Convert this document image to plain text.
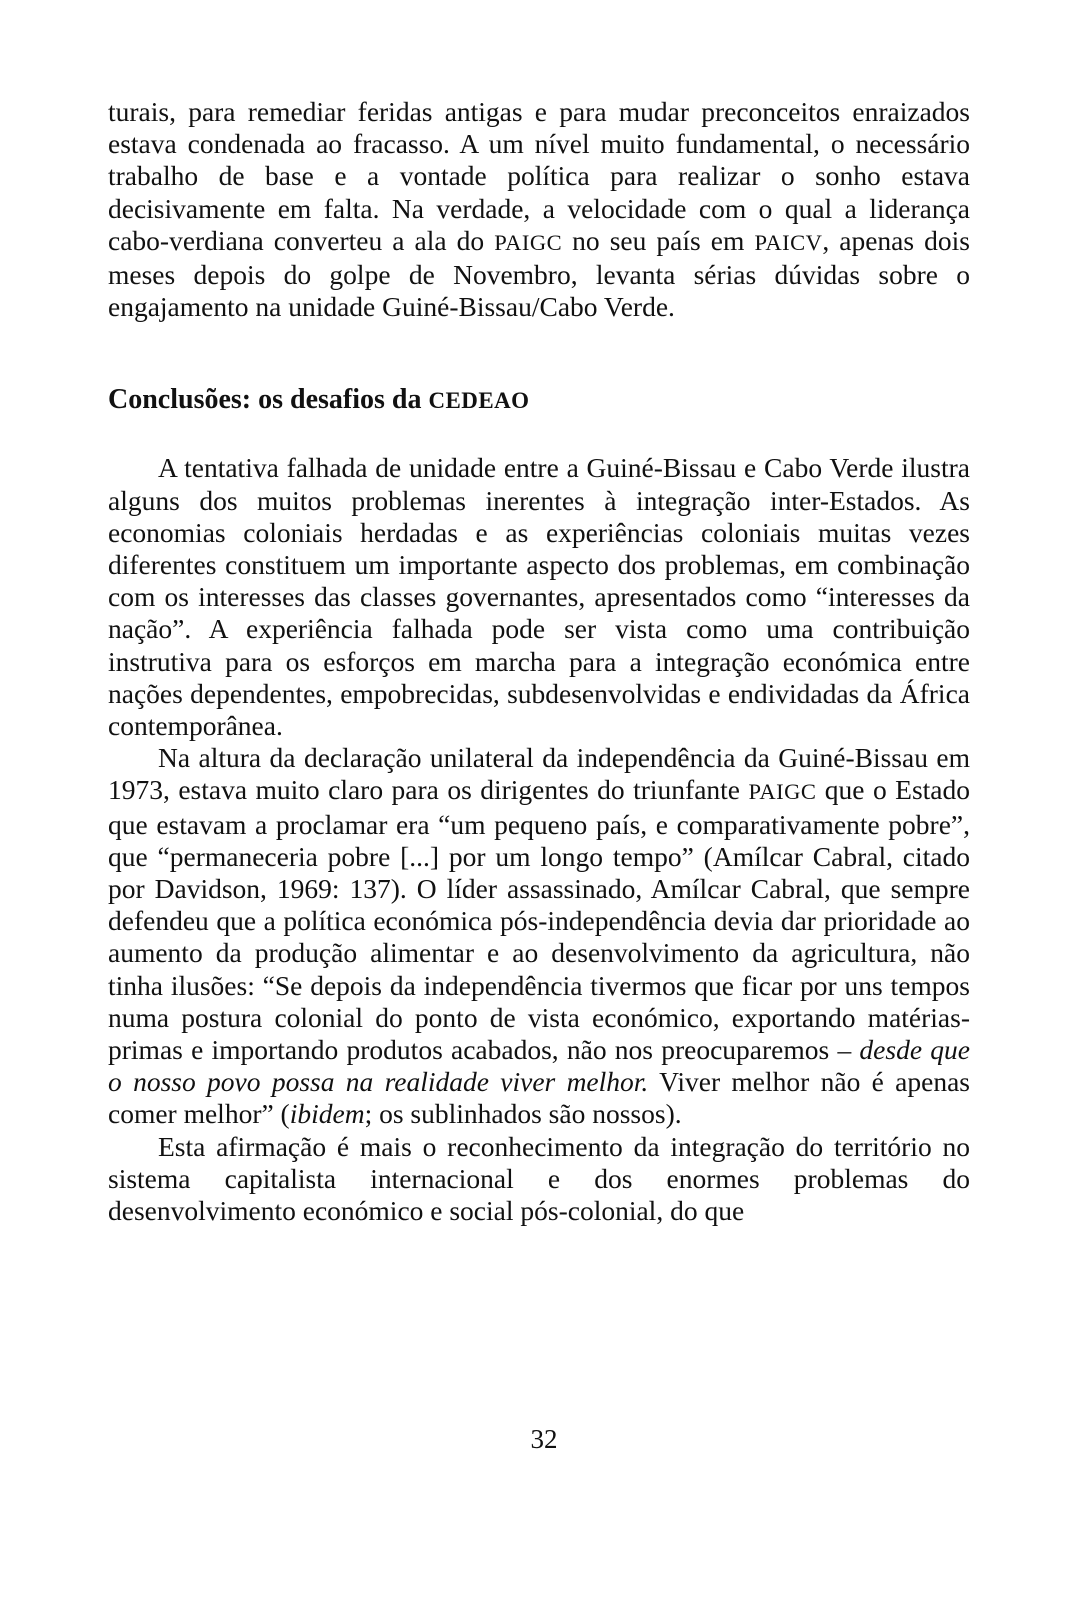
turais, para remediar feridas antigas e para mudar preconceitos enraizados estava condenada ao fracasso. A um nível muito fundamental, o necessário trabalho de base e a vontade política para realizar o sonho estava decisivamente em falta. Na verdade, a velocidade com o qual a liderança cabo-verdiana converteu a ala do PAIGC no seu país em PAICV, apenas dois meses depois do golpe de Novembro, levanta sérias dúvidas sobre o engajamento na unidade Guiné-Bissau/Cabo Verde.

Conclusões: os desafios da CEDEAO

A tentativa falhada de unidade entre a Guiné-Bissau e Cabo Verde ilustra alguns dos muitos problemas inerentes à integração inter-Estados. As economias coloniais herdadas e as experiências coloniais muitas vezes diferentes constituem um importante aspecto dos problemas, em combinação com os interesses das classes governantes, apresentados como “interesses da nação”. A experiência falhada pode ser vista como uma contribuição instrutiva para os esforços em marcha para a integração económica entre nações dependentes, empobrecidas, subdesenvolvidas e endividadas da África contemporânea.

Na altura da declaração unilateral da independência da Guiné-Bissau em 1973, estava muito claro para os dirigentes do triunfante PAIGC que o Estado que estavam a proclamar era “um pequeno país, e comparativamente pobre”, que “permaneceria pobre [...] por um longo tempo” (Amílcar Cabral, citado por Davidson, 1969: 137). O líder assassinado, Amílcar Cabral, que sempre defendeu que a política económica pós-independência devia dar prioridade ao aumento da produção alimentar e ao desenvolvimento da agricultura, não tinha ilusões: “Se depois da independência tivermos que ficar por uns tempos numa postura colonial do ponto de vista económico, exportando matérias-primas e importando produtos acabados, não nos preocuparemos – desde que o nosso povo possa na realidade viver melhor. Viver melhor não é apenas comer melhor” (ibidem; os sublinhados são nossos).

Esta afirmação é mais o reconhecimento da integração do território no sistema capitalista internacional e dos enormes problemas do desenvolvimento económico e social pós-colonial, do que

32
